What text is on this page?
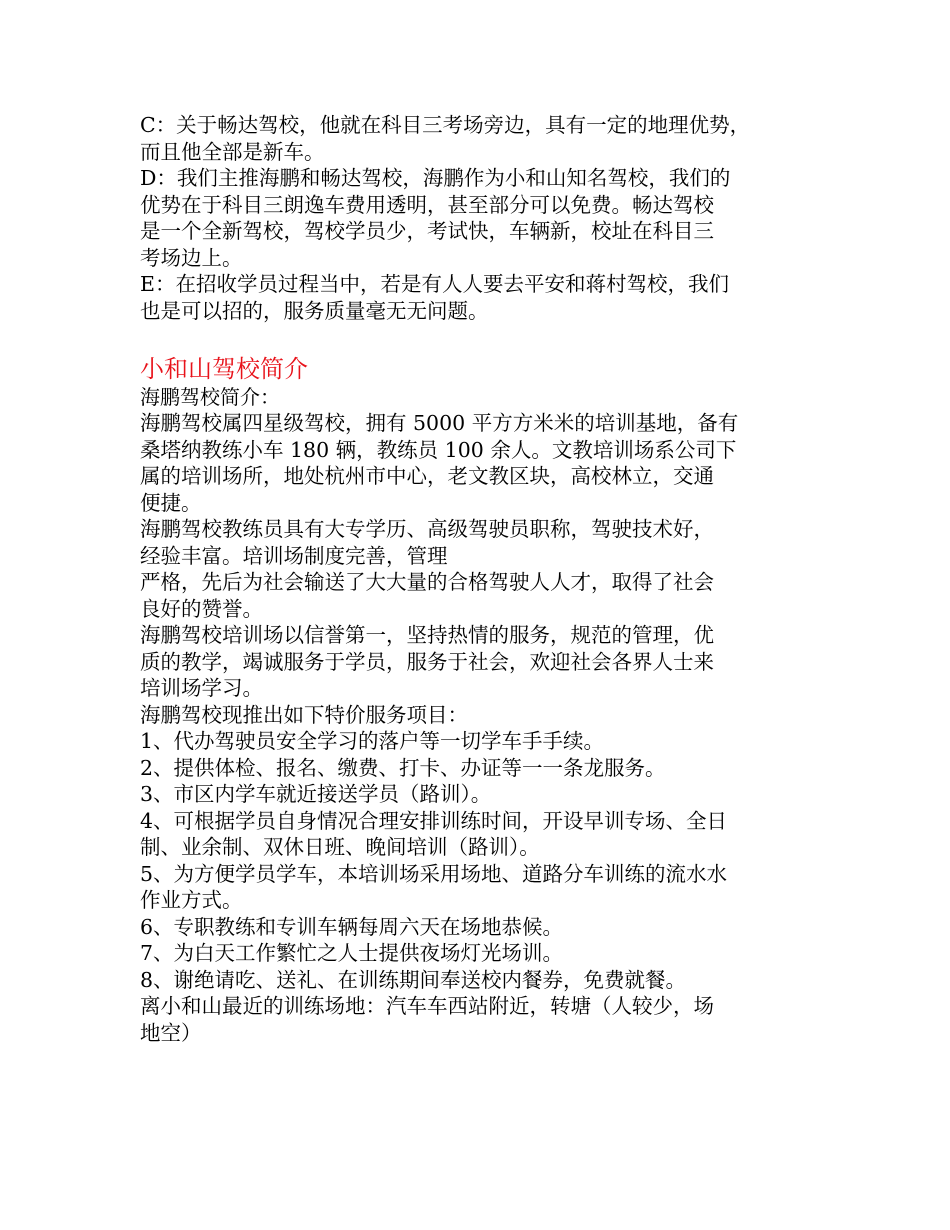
C：关于畅达驾校，他就在科目三考场旁边，具有一定的地理优势，
而且他全部是新车。
D：我们主推海鹏和畅达驾校，海鹏作为小和山知名驾校，我们的
优势在于科目三朗逸车费用透明，甚至部分可以免费。畅达驾校
是一个全新驾校，驾校学员少，考试快，车辆新，校址在科目三
考场边上。
E：在招收学员过程当中，若是有人人要去平安和蒋村驾校，我们
也是可以招的，服务质量毫无无问题。
小和山驾校简介
海鹏驾校简介：
海鹏驾校属四星级驾校，拥有 5000 平方方米米的培训基地，备有
桑塔纳教练小车 180 辆，教练员 100 余人。文教培训场系公司下
属的培训场所，地处杭州市中心，老文教区块，高校林立，交通
便捷。
海鹏驾校教练员具有大专学历、高级驾驶员职称，驾驶技术好，
经验丰富。培训场制度完善，管理
严格，先后为社会输送了大大量的合格驾驶人人才，取得了社会
良好的赞誉。
海鹏驾校培训场以信誉第一，坚持热情的服务，规范的管理，优
质的教学，竭诚服务于学员，服务于社会，欢迎社会各界人士来
培训场学习。
海鹏驾校现推出如下特价服务项目：
1、代办驾驶员安全学习的落户等一切学车手手续。
2、提供体检、报名、缴费、打卡、办证等一一条龙服务。
3、市区内学车就近接送学员（路训）。
4、可根据学员自身情况合理安排训练时间，开设早训专场、全日
制、业余制、双休日班、晚间培训（路训）。
5、为方便学员学车，本培训场采用场地、道路分车训练的流水水
作业方式。
6、专职教练和专训车辆每周六天在场地恭候。
7、为白天工作繁忙之人士提供夜场灯光场训。
8、谢绝请吃、送礼、在训练期间奉送校内餐券，免费就餐。
离小和山最近的训练场地：汽车车西站附近，转塘（人较少，场
地空）
